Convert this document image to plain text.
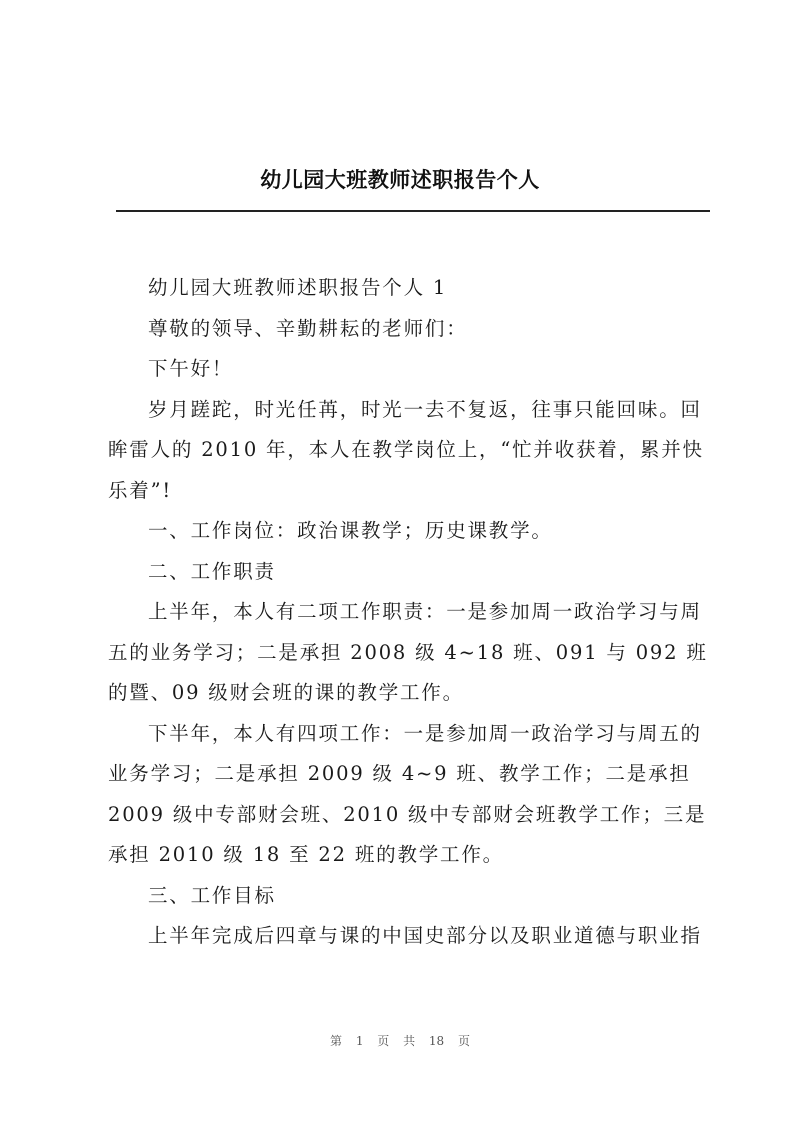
幼儿园大班教师述职报告个人

幼儿园大班教师述职报告个人 1

尊敬的领导、辛勤耕耘的老师们：

下午好！

岁月蹉跎，时光任苒，时光一去不复返，往事只能回味。回眸雷人的 2010 年，本人在教学岗位上，“忙并收获着，累并快乐着”!

一、工作岗位：政治课教学；历史课教学。

二、工作职责

上半年，本人有二项工作职责：一是参加周一政治学习与周五的业务学习；二是承担 2008 级 4~18 班、091 与 092 班的暨、09 级财会班的课的教学工作。

下半年，本人有四项工作：一是参加周一政治学习与周五的业务学习；二是承担 2009 级 4~9 班、教学工作；二是承担 2009 级中专部财会班、2010 级中专部财会班教学工作；三是承担 2010 级 18 至 22 班的教学工作。

三、工作目标

上半年完成后四章与课的中国史部分以及职业道德与职业指

第 1 页 共 18 页
